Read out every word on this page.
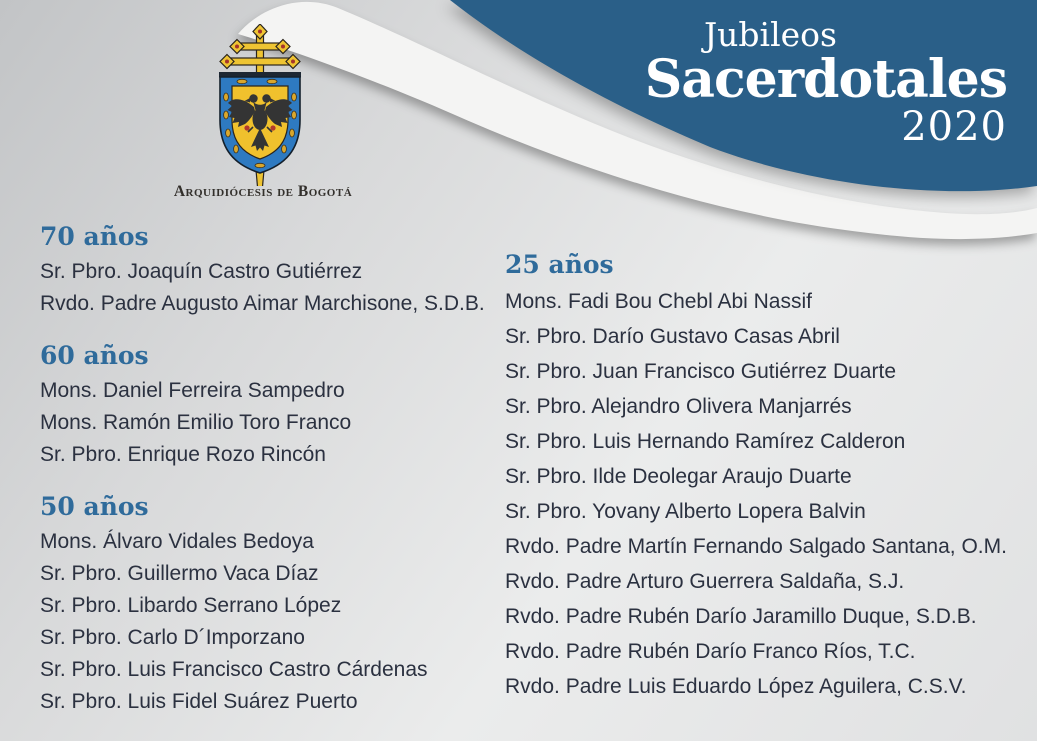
Jubileos
Sacerdotales
2020
Arquidiócesis de Bogotá
70 años
Sr. Pbro. Joaquín Castro Gutiérrez
Rvdo. Padre Augusto Aimar Marchisone, S.D.B.
60 años
Mons. Daniel Ferreira Sampedro
Mons. Ramón Emilio Toro Franco
Sr. Pbro. Enrique Rozo Rincón
50 años
Mons. Álvaro Vidales Bedoya
Sr. Pbro. Guillermo Vaca Díaz
Sr. Pbro. Libardo Serrano López
Sr. Pbro. Carlo D´Imporzano
Sr. Pbro. Luis Francisco Castro Cárdenas
Sr. Pbro. Luis Fidel Suárez Puerto
25 años
Mons. Fadi Bou Chebl Abi Nassif
Sr. Pbro. Darío Gustavo Casas Abril
Sr. Pbro. Juan Francisco Gutiérrez Duarte
Sr. Pbro. Alejandro Olivera Manjarrés
Sr. Pbro. Luis Hernando Ramírez Calderon
Sr. Pbro. Ilde Deolegar Araujo Duarte
Sr. Pbro. Yovany Alberto Lopera Balvin
Rvdo. Padre Martín Fernando Salgado Santana, O.M.
Rvdo. Padre Arturo Guerrera Saldaña, S.J.
Rvdo. Padre Rubén Darío Jaramillo Duque, S.D.B.
Rvdo. Padre Rubén Darío Franco Ríos, T.C.
Rvdo. Padre Luis Eduardo López Aguilera, C.S.V.
